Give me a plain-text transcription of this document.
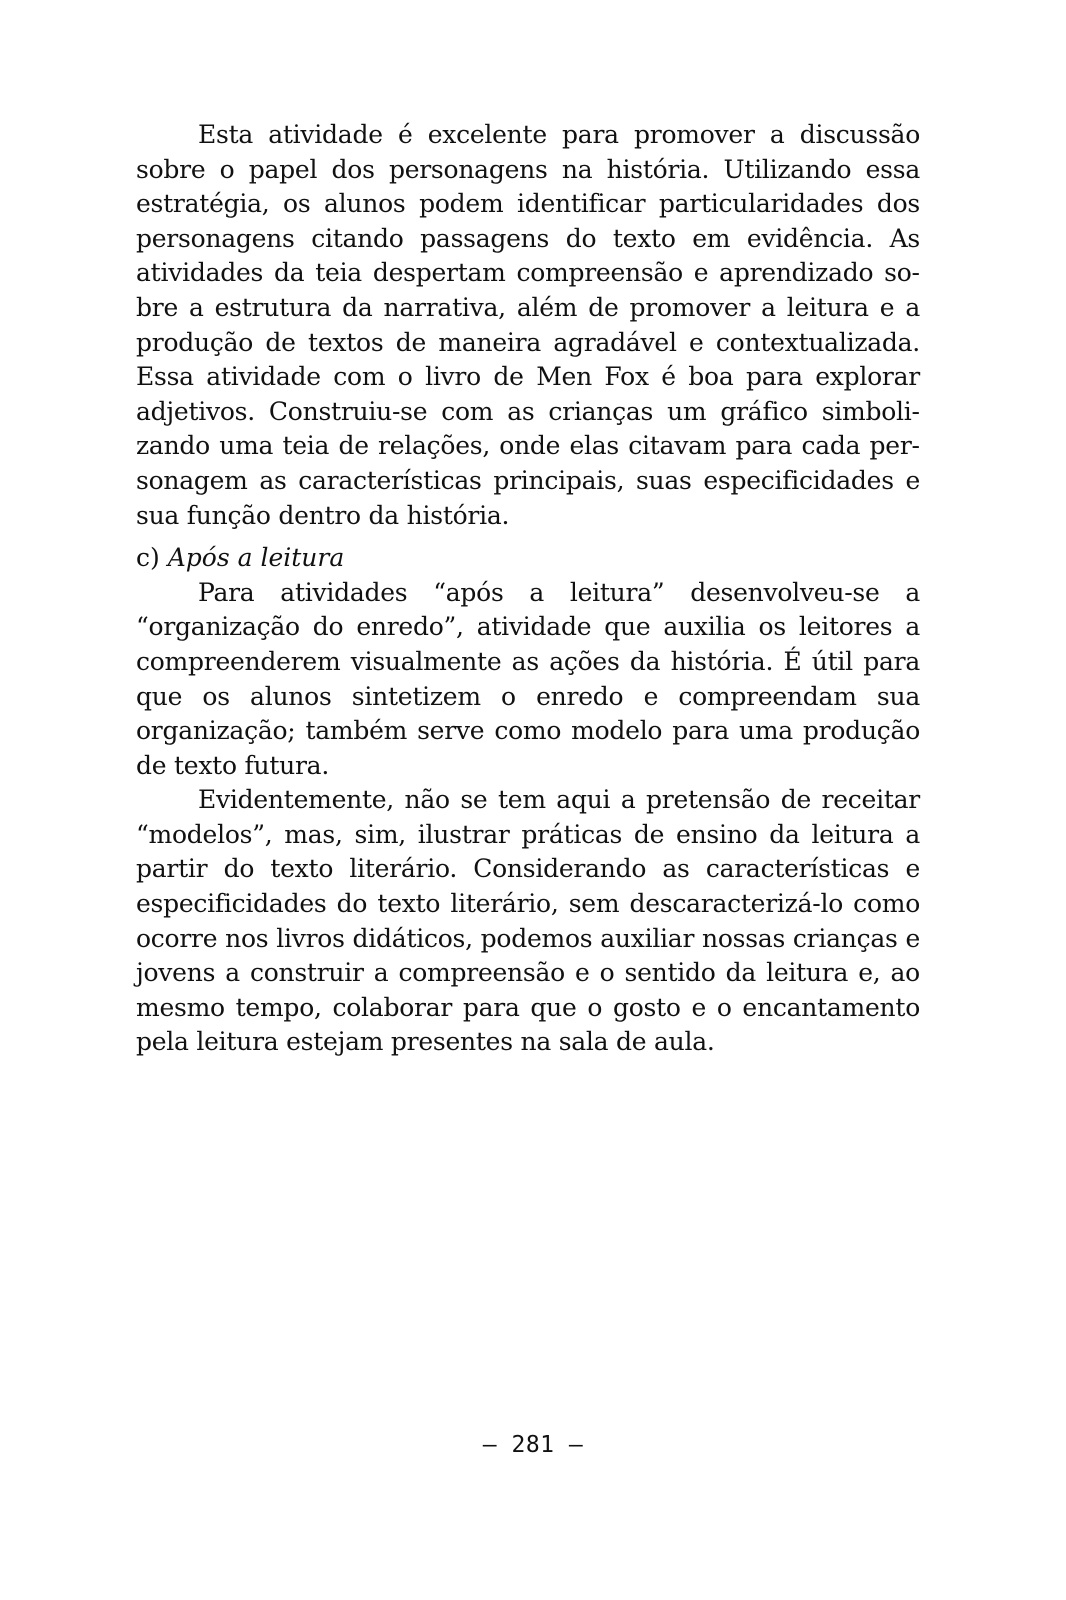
Esta atividade é excelente para promover a discussão sobre o papel dos personagens na história. Utilizando essa estratégia, os alunos podem identificar particularidades dos personagens citando passagens do texto em evidência. As atividades da teia despertam compreensão e aprendizado sobre a estrutura da narrativa, além de promover a leitura e a produção de textos de maneira agradável e contextualizada. Essa atividade com o livro de Men Fox é boa para explorar adjetivos. Construiu-se com as crianças um gráfico simbolizando uma teia de relações, onde elas citavam para cada personagem as características principais, suas especificidades e sua função dentro da história.

c) Após a leitura

Para atividades “após a leitura” desenvolveu-se a “organização do enredo”, atividade que auxilia os leitores a compreenderem visualmente as ações da história. É útil para que os alunos sintetizem o enredo e compreendam sua organização; também serve como modelo para uma produção de texto futura.

Evidentemente, não se tem aqui a pretensão de receitar “modelos”, mas, sim, ilustrar práticas de ensino da leitura a partir do texto literário. Considerando as características e especificidades do texto literário, sem descaracterizá-lo como ocorre nos livros didáticos, podemos auxiliar nossas crianças e jovens a construir a compreensão e o sentido da leitura e, ao mesmo tempo, colaborar para que o gosto e o encantamento pela leitura estejam presentes na sala de aula.

– 281 –
